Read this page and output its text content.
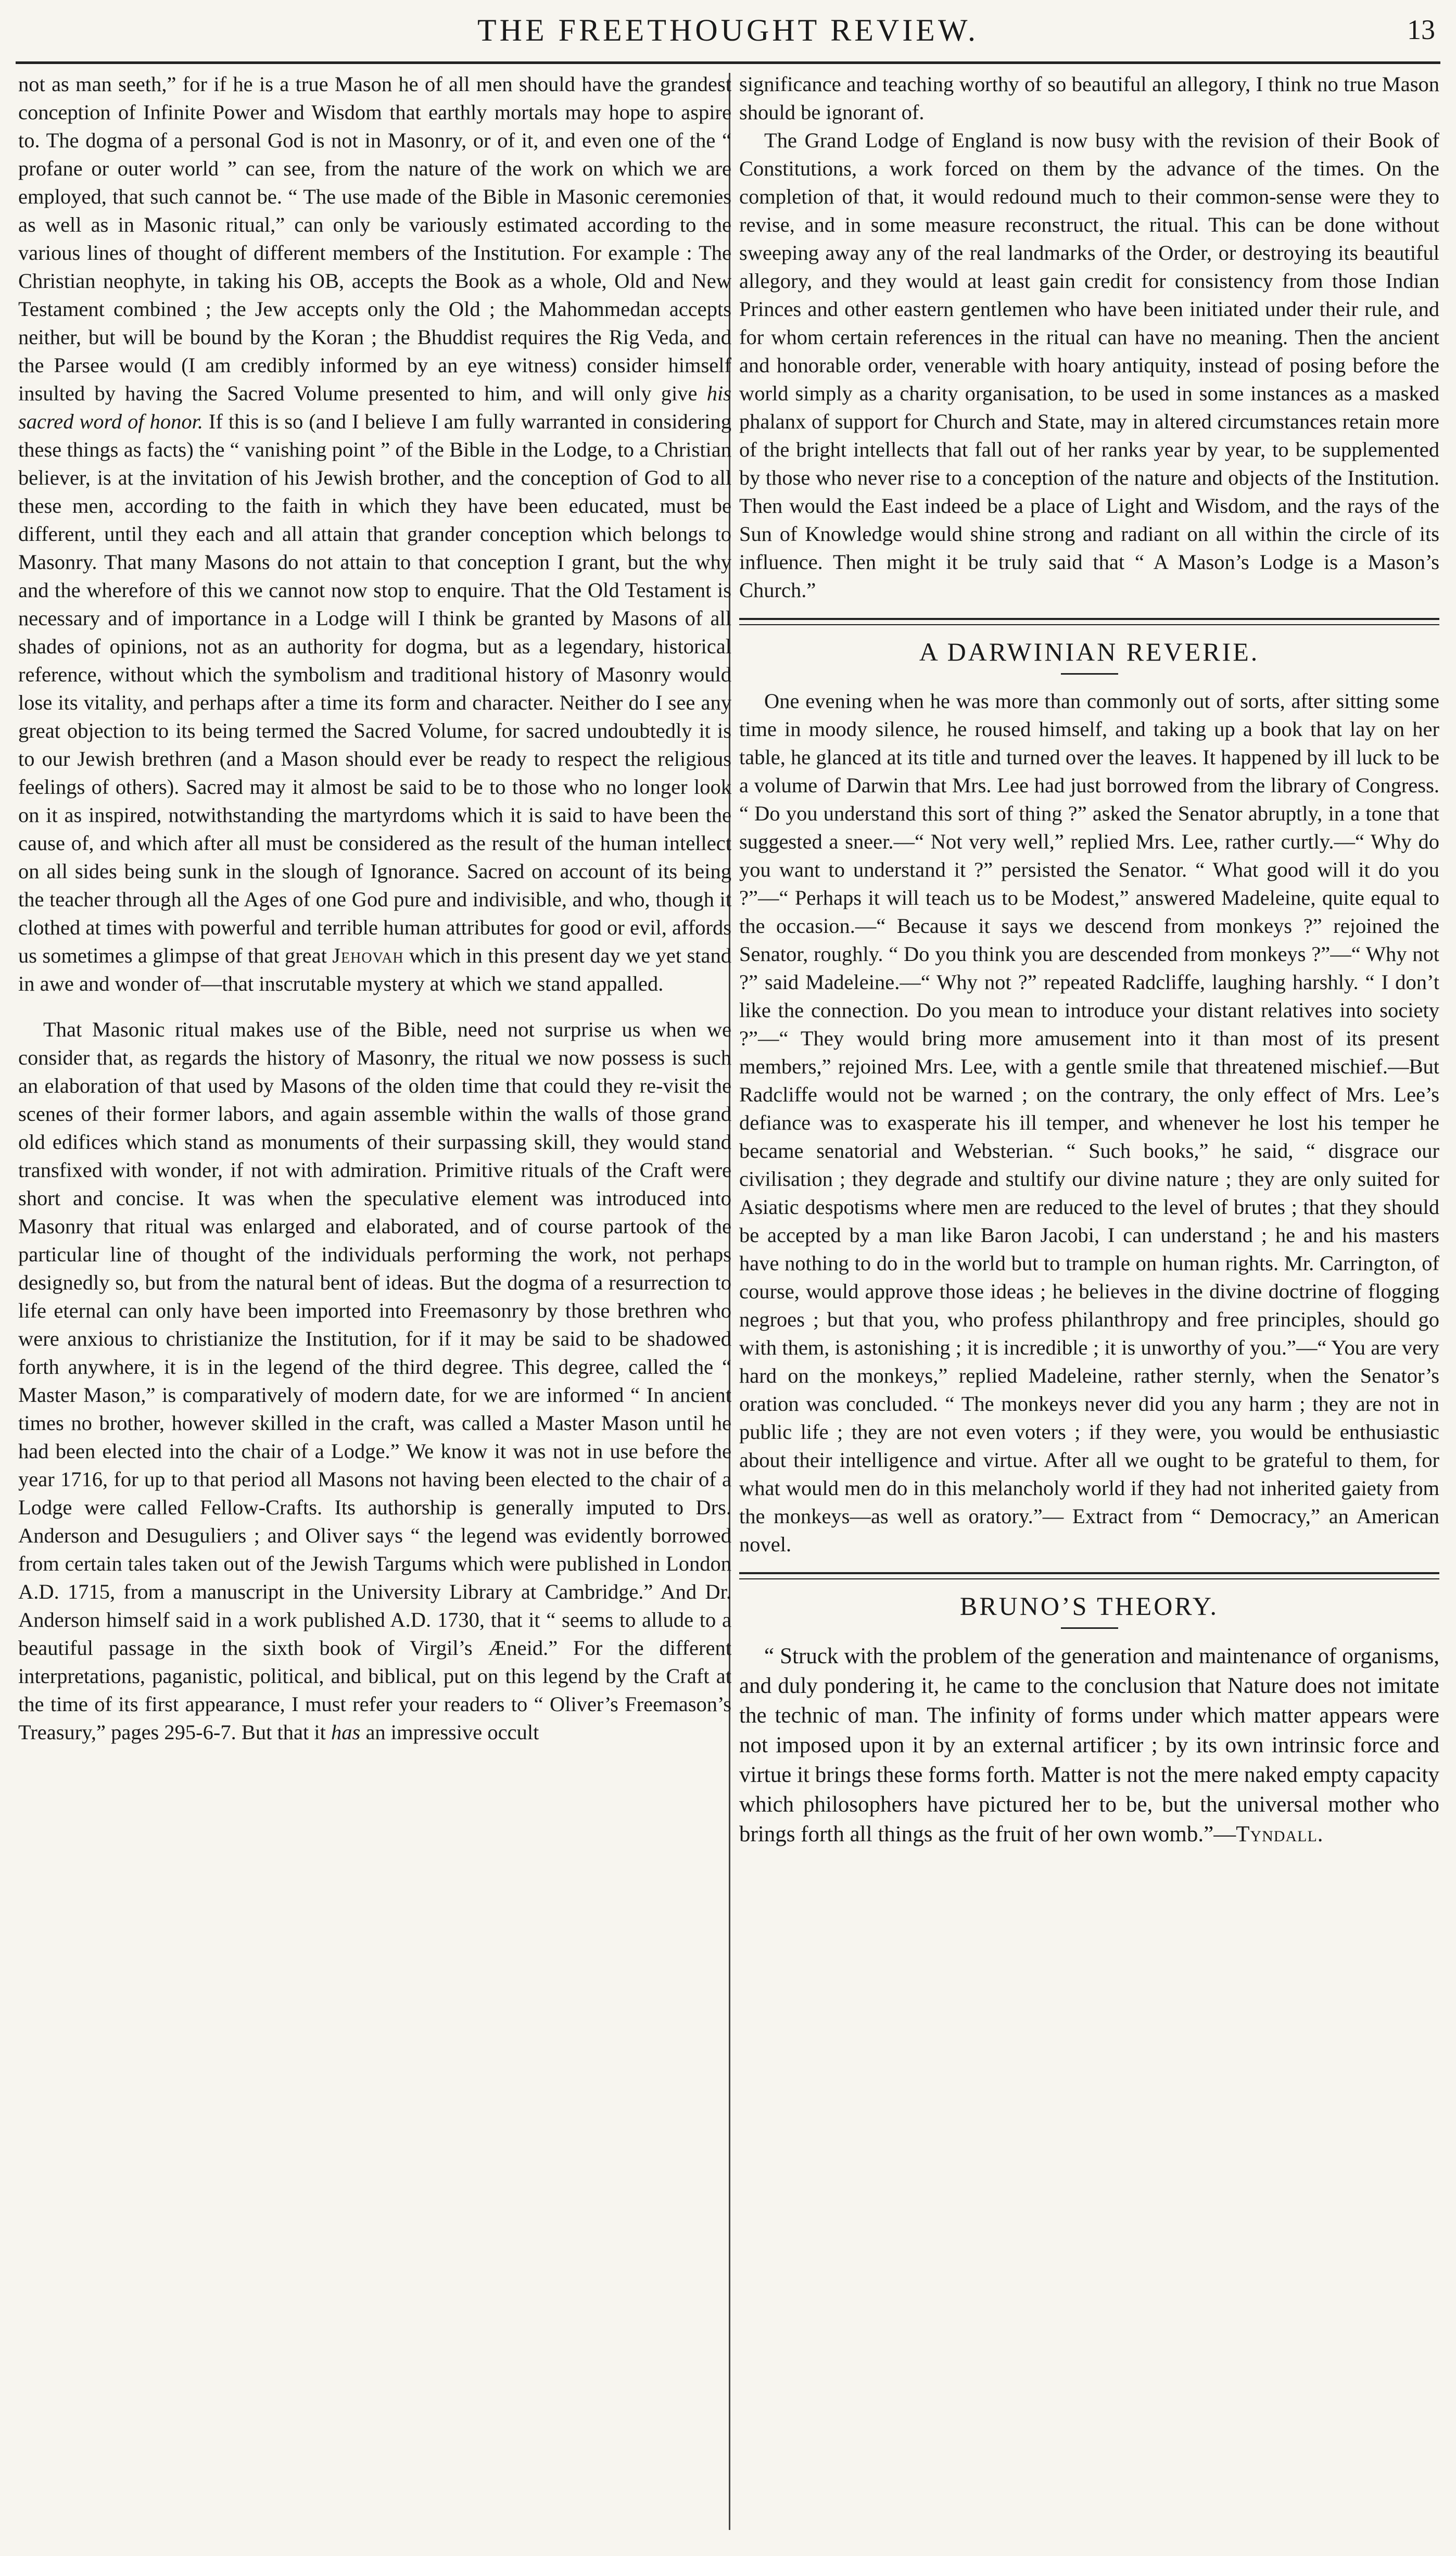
THE FREETHOUGHT REVIEW.	13

not as man seeth,” for if he is a true Mason he of all men should have the grandest conception of Infinite Power and Wisdom that earthly mortals may hope to aspire to. The dogma of a personal God is not in Masonry, or of it, and even one of the “ profane or outer world ” can see, from the nature of the work on which we are employed, that such cannot be. “ The use made of the Bible in Masonic ceremonies as well as in Masonic ritual,” can only be variously estimated according to the various lines of thought of different members of the Institution. For example : The Christian neophyte, in taking his OB, accepts the Book as a whole, Old and New Testament combined ; the Jew accepts only the Old ; the Mahommedan accepts neither, but will be bound by the Koran ; the Bhuddist requires the Rig Veda, and the Parsee would (I am credibly informed by an eye witness) consider himself insulted by having the Sacred Volume presented to him, and will only give his sacred word of honor. If this is so (and I believe I am fully warranted in considering these things as facts) the “ vanishing point ” of the Bible in the Lodge, to a Christian believer, is at the invitation of his Jewish brother, and the conception of God to all these men, according to the faith in which they have been educated, must be different, until they each and all attain that grander conception which belongs to Masonry. That many Masons do not attain to that conception I grant, but the why and the wherefore of this we cannot now stop to enquire. That the Old Testament is necessary and of importance in a Lodge will I think be granted by Masons of all shades of opinions, not as an authority for dogma, but as a legendary, historical reference, without which the symbolism and traditional history of Masonry would lose its vitality, and perhaps after a time its form and character. Neither do I see any great objection to its being termed the Sacred Volume, for sacred undoubtedly it is to our Jewish brethren (and a Mason should ever be ready to respect the religious feelings of others). Sacred may it almost be said to be to those who no longer look on it as inspired, notwithstanding the martyrdoms which it is said to have been the cause of, and which after all must be considered as the result of the human intellect on all sides being sunk in the slough of Ignorance. Sacred on account of its being the teacher through all the Ages of one God pure and indivisible, and who, though it clothed at times with powerful and terrible human attributes for good or evil, affords us sometimes a glimpse of that great Jehovah which in this present day we yet stand in awe and wonder of—that inscrutable mystery at which we stand appalled.

That Masonic ritual makes use of the Bible, need not surprise us when we consider that, as regards the history of Masonry, the ritual we now possess is such an elaboration of that used by Masons of the olden time that could they re-visit the scenes of their former labors, and again assemble within the walls of those grand old edifices which stand as monuments of their surpassing skill, they would stand transfixed with wonder, if not with admiration. Primitive rituals of the Craft were short and concise. It was when the speculative element was introduced into Masonry that ritual was enlarged and elaborated, and of course partook of the particular line of thought of the individuals performing the work, not perhaps designedly so, but from the natural bent of ideas. But the dogma of a resurrection to life eternal can only have been imported into Freemasonry by those brethren who were anxious to christianize the Institution, for if it may be said to be shadowed forth anywhere, it is in the legend of the third degree. This degree, called the “ Master Mason,” is comparatively of modern date, for we are informed “ In ancient times no brother, however skilled in the craft, was called a Master Mason until he had been elected into the chair of a Lodge.” We know it was not in use before the year 1716, for up to that period all Masons not having been elected to the chair of a Lodge were called Fellow-Crafts. Its authorship is generally imputed to Drs. Anderson and Desuguliers ; and Oliver says “ the legend was evidently borrowed from certain tales taken out of the Jewish Targums which were published in London A.D. 1715, from a manuscript in the University Library at Cambridge.” And Dr. Anderson himself said in a work published A.D. 1730, that it “ seems to allude to a beautiful passage in the sixth book of Virgil’s Æneid.” For the different interpretations, paganistic, political, and biblical, put on this legend by the Craft at the time of its first appearance, I must refer your readers to “ Oliver’s Freemason’s Treasury,” pages 295-6-7. But that it has an impressive occult

significance and teaching worthy of so beautiful an allegory, I think no true Mason should be ignorant of.

The Grand Lodge of England is now busy with the revision of their Book of Constitutions, a work forced on them by the advance of the times. On the completion of that, it would redound much to their common-sense were they to revise, and in some measure reconstruct, the ritual. This can be done without sweeping away any of the real landmarks of the Order, or destroying its beautiful allegory, and they would at least gain credit for consistency from those Indian Princes and other eastern gentlemen who have been initiated under their rule, and for whom certain references in the ritual can have no meaning. Then the ancient and honorable order, venerable with hoary antiquity, instead of posing before the world simply as a charity organisation, to be used in some instances as a masked phalanx of support for Church and State, may in altered circumstances retain more of the bright intellects that fall out of her ranks year by year, to be supplemented by those who never rise to a conception of the nature and objects of the Institution. Then would the East indeed be a place of Light and Wisdom, and the rays of the Sun of Knowledge would shine strong and radiant on all within the circle of its influence. Then might it be truly said that “ A Mason’s Lodge is a Mason’s Church.”

A DARWINIAN REVERIE.

One evening when he was more than commonly out of sorts, after sitting some time in moody silence, he roused himself, and taking up a book that lay on her table, he glanced at its title and turned over the leaves. It happened by ill luck to be a volume of Darwin that Mrs. Lee had just borrowed from the library of Congress. “ Do you understand this sort of thing ?” asked the Senator abruptly, in a tone that suggested a sneer.—“ Not very well,” replied Mrs. Lee, rather curtly.—“ Why do you want to understand it ?” persisted the Senator. “ What good will it do you ?”—“ Perhaps it will teach us to be Modest,” answered Madeleine, quite equal to the occasion.—“ Because it says we descend from monkeys ?” rejoined the Senator, roughly. “ Do you think you are descended from monkeys ?”—“ Why not ?” said Madeleine.—“ Why not ?” repeated Radcliffe, laughing harshly. “ I don’t like the connection. Do you mean to introduce your distant relatives into society ?”—“ They would bring more amusement into it than most of its present members,” rejoined Mrs. Lee, with a gentle smile that threatened mischief.—But Radcliffe would not be warned ; on the contrary, the only effect of Mrs. Lee’s defiance was to exasperate his ill temper, and whenever he lost his temper he became senatorial and Websterian. “ Such books,” he said, “ disgrace our civilisation ; they degrade and stultify our divine nature ; they are only suited for Asiatic despotisms where men are reduced to the level of brutes ; that they should be accepted by a man like Baron Jacobi, I can understand ; he and his masters have nothing to do in the world but to trample on human rights. Mr. Carrington, of course, would approve those ideas ; he believes in the divine doctrine of flogging negroes ; but that you, who profess philanthropy and free principles, should go with them, is astonishing ; it is incredible ; it is unworthy of you.”—“ You are very hard on the monkeys,” replied Madeleine, rather sternly, when the Senator’s oration was concluded. “ The monkeys never did you any harm ; they are not in public life ; they are not even voters ; if they were, you would be enthusiastic about their intelligence and virtue. After all we ought to be grateful to them, for what would men do in this melancholy world if they had not inherited gaiety from the monkeys—as well as oratory.”— Extract from “ Democracy,” an American novel.

BRUNO’S THEORY.

“ Struck with the problem of the generation and maintenance of organisms, and duly pondering it, he came to the conclusion that Nature does not imitate the technic of man. The infinity of forms under which matter appears were not imposed upon it by an external artificer ; by its own intrinsic force and virtue it brings these forms forth. Matter is not the mere naked empty capacity which philosophers have pictured her to be, but the universal mother who brings forth all things as the fruit of her own womb.”—Tyndall.
